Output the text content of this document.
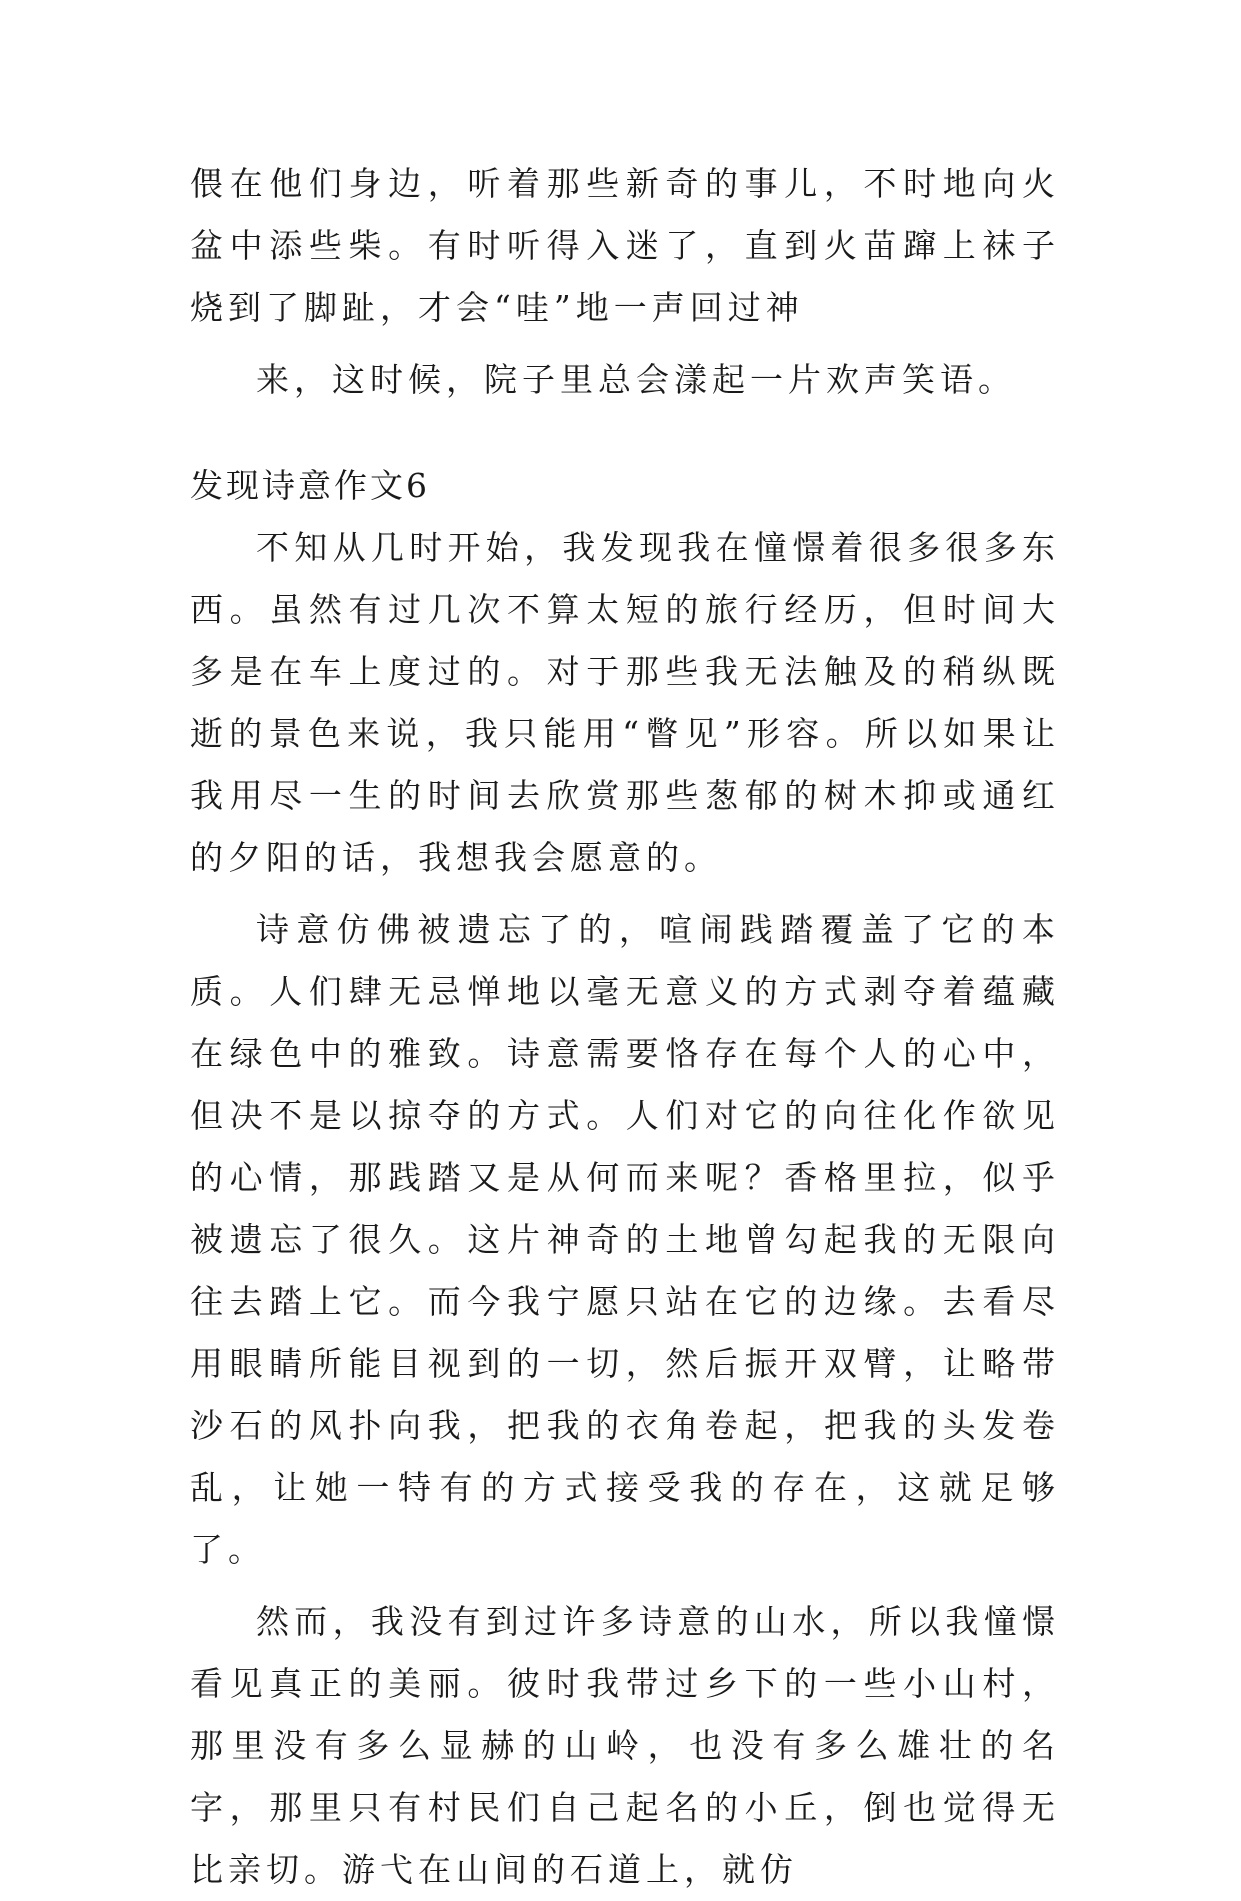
偎在他们身边，听着那些新奇的事儿，不时地向火盆中添些柴。有时听得入迷了，直到火苗蹿上袜子烧到了脚趾，才会“哇”地一声回过神

来，这时候，院子里总会漾起一片欢声笑语。

发现诗意作文6

不知从几时开始，我发现我在憧憬着很多很多东西。虽然有过几次不算太短的旅行经历，但时间大多是在车上度过的。对于那些我无法触及的稍纵既逝的景色来说，我只能用“瞥见”形容。所以如果让我用尽一生的时间去欣赏那些葱郁的树木抑或通红的夕阳的话，我想我会愿意的。

诗意仿佛被遗忘了的，喧闹践踏覆盖了它的本质。人们肆无忌惮地以毫无意义的方式剥夺着蕴藏在绿色中的雅致。诗意需要恪存在每个人的心中，但决不是以掠夺的方式。人们对它的向往化作欲见的心情，那践踏又是从何而来呢？香格里拉，似乎被遗忘了很久。这片神奇的土地曾勾起我的无限向往去踏上它。而今我宁愿只站在它的边缘。去看尽用眼睛所能目视到的一切，然后振开双臂，让略带沙石的风扑向我，把我的衣角卷起，把我的头发卷乱，让她一特有的方式接受我的存在，这就足够了。

然而，我没有到过许多诗意的山水，所以我憧憬看见真正的美丽。彼时我带过乡下的一些小山村，那里没有多么显赫的山岭，也没有多么雄壮的名字，那里只有村民们自己起名的小丘，倒也觉得无比亲切。游弋在山间的石道上，就仿
